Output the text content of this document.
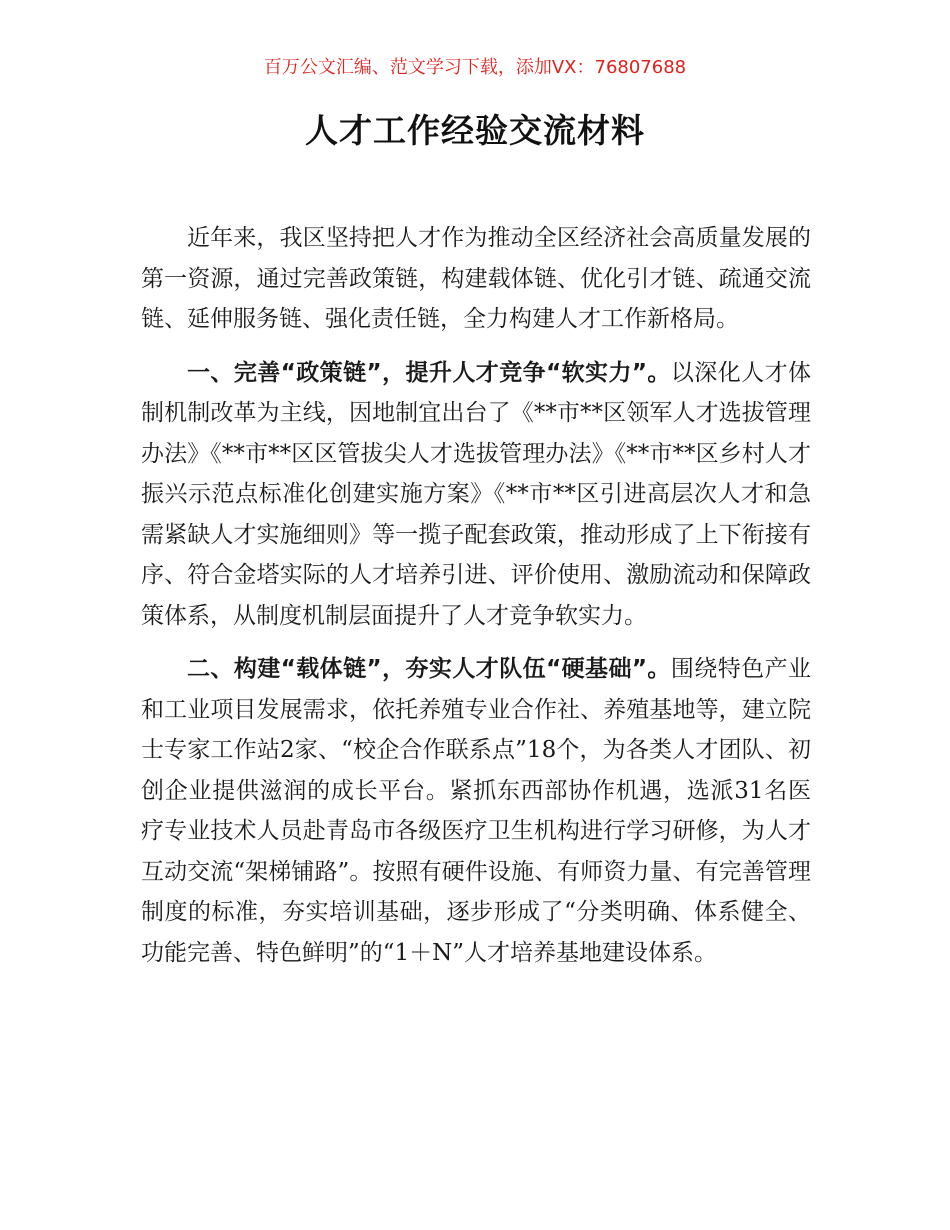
百万公文汇编、范文学习下载，添加VX：76807688
人才工作经验交流材料

近年来，我区坚持把人才作为推动全区经济社会高质量发展的第一资源，通过完善政策链，构建载体链、优化引才链、疏通交流链、延伸服务链、强化责任链，全力构建人才工作新格局。

一、完善“政策链”，提升人才竞争“软实力”。以深化人才体制机制改革为主线，因地制宜出台了《**市**区领军人才选拔管理办法》《**市**区区管拔尖人才选拔管理办法》《**市**区乡村人才振兴示范点标准化创建实施方案》《**市**区引进高层次人才和急需紧缺人才实施细则》等一揽子配套政策，推动形成了上下衔接有序、符合金塔实际的人才培养引进、评价使用、激励流动和保障政策体系，从制度机制层面提升了人才竞争软实力。

二、构建“载体链”，夯实人才队伍“硬基础”。围绕特色产业和工业项目发展需求，依托养殖专业合作社、养殖基地等，建立院士专家工作站2家、“校企合作联系点”18个，为各类人才团队、初创企业提供滋润的成长平台。紧抓东西部协作机遇，选派31名医疗专业技术人员赴青岛市各级医疗卫生机构进行学习研修，为人才互动交流“架梯铺路”。按照有硬件设施、有师资力量、有完善管理制度的标准，夯实培训基础，逐步形成了“分类明确、体系健全、功能完善、特色鲜明”的“1＋N”人才培养基地建设体系。
